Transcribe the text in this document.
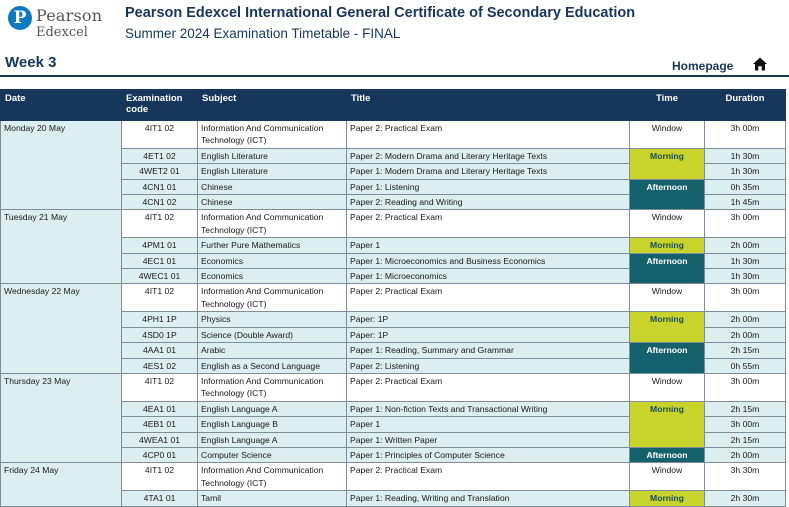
P Pearson
Edexcel
Pearson Edexcel International General Certificate of Secondary Education
Summer 2024 Examination Timetable - FINAL
Week 3	Homepage
Date	Examination code	Subject	Title	Time	Duration
Monday 20 May	4IT1 02	Information And Communication Technology (ICT)	Paper 2: Practical Exam	Window	3h 00m
	4ET1 02	English Literature	Paper 2: Modern Drama and Literary Heritage Texts	Morning	1h 30m
	4WET2 01	English Literature	Paper 1: Modern Drama and Literary Heritage Texts		1h 30m
	4CN1 01	Chinese	Paper 1: Listening	Afternoon	0h 35m
	4CN1 02	Chinese	Paper 2: Reading and Writing		1h 45m
Tuesday 21 May	4IT1 02	Information And Communication Technology (ICT)	Paper 2: Practical Exam	Window	3h 00m
	4PM1 01	Further Pure Mathematics	Paper 1	Morning	2h 00m
	4EC1 01	Economics	Paper 1: Microeconomics and Business Economics	Afternoon	1h 30m
	4WEC1 01	Economics	Paper 1: Microeconomics		1h 30m
Wednesday 22 May	4IT1 02	Information And Communication Technology (ICT)	Paper 2: Practical Exam	Window	3h 00m
	4PH1 1P	Physics	Paper: 1P	Morning	2h 00m
	4SD0 1P	Science (Double Award)	Paper: 1P		2h 00m
	4AA1 01	Arabic	Paper 1: Reading, Summary and Grammar	Afternoon	2h 15m
	4ES1 02	English as a Second Language	Paper 2: Listening		0h 55m
Thursday 23 May	4IT1 02	Information And Communication Technology (ICT)	Paper 2: Practical Exam	Window	3h 00m
	4EA1 01	English Language A	Paper 1: Non-fiction Texts and Transactional Writing	Morning	2h 15m
	4EB1 01	English Language B	Paper 1		3h 00m
	4WEA1 01	English Language A	Paper 1: Written Paper		2h 15m
	4CP0 01	Computer Science	Paper 1: Principles of Computer Science	Afternoon	2h 00m
Friday 24 May	4IT1 02	Information And Communication Technology (ICT)	Paper 2: Practical Exam	Window	3h 30m
	4TA1 01	Tamil	Paper 1: Reading, Writing and Translation	Morning	2h 30m
